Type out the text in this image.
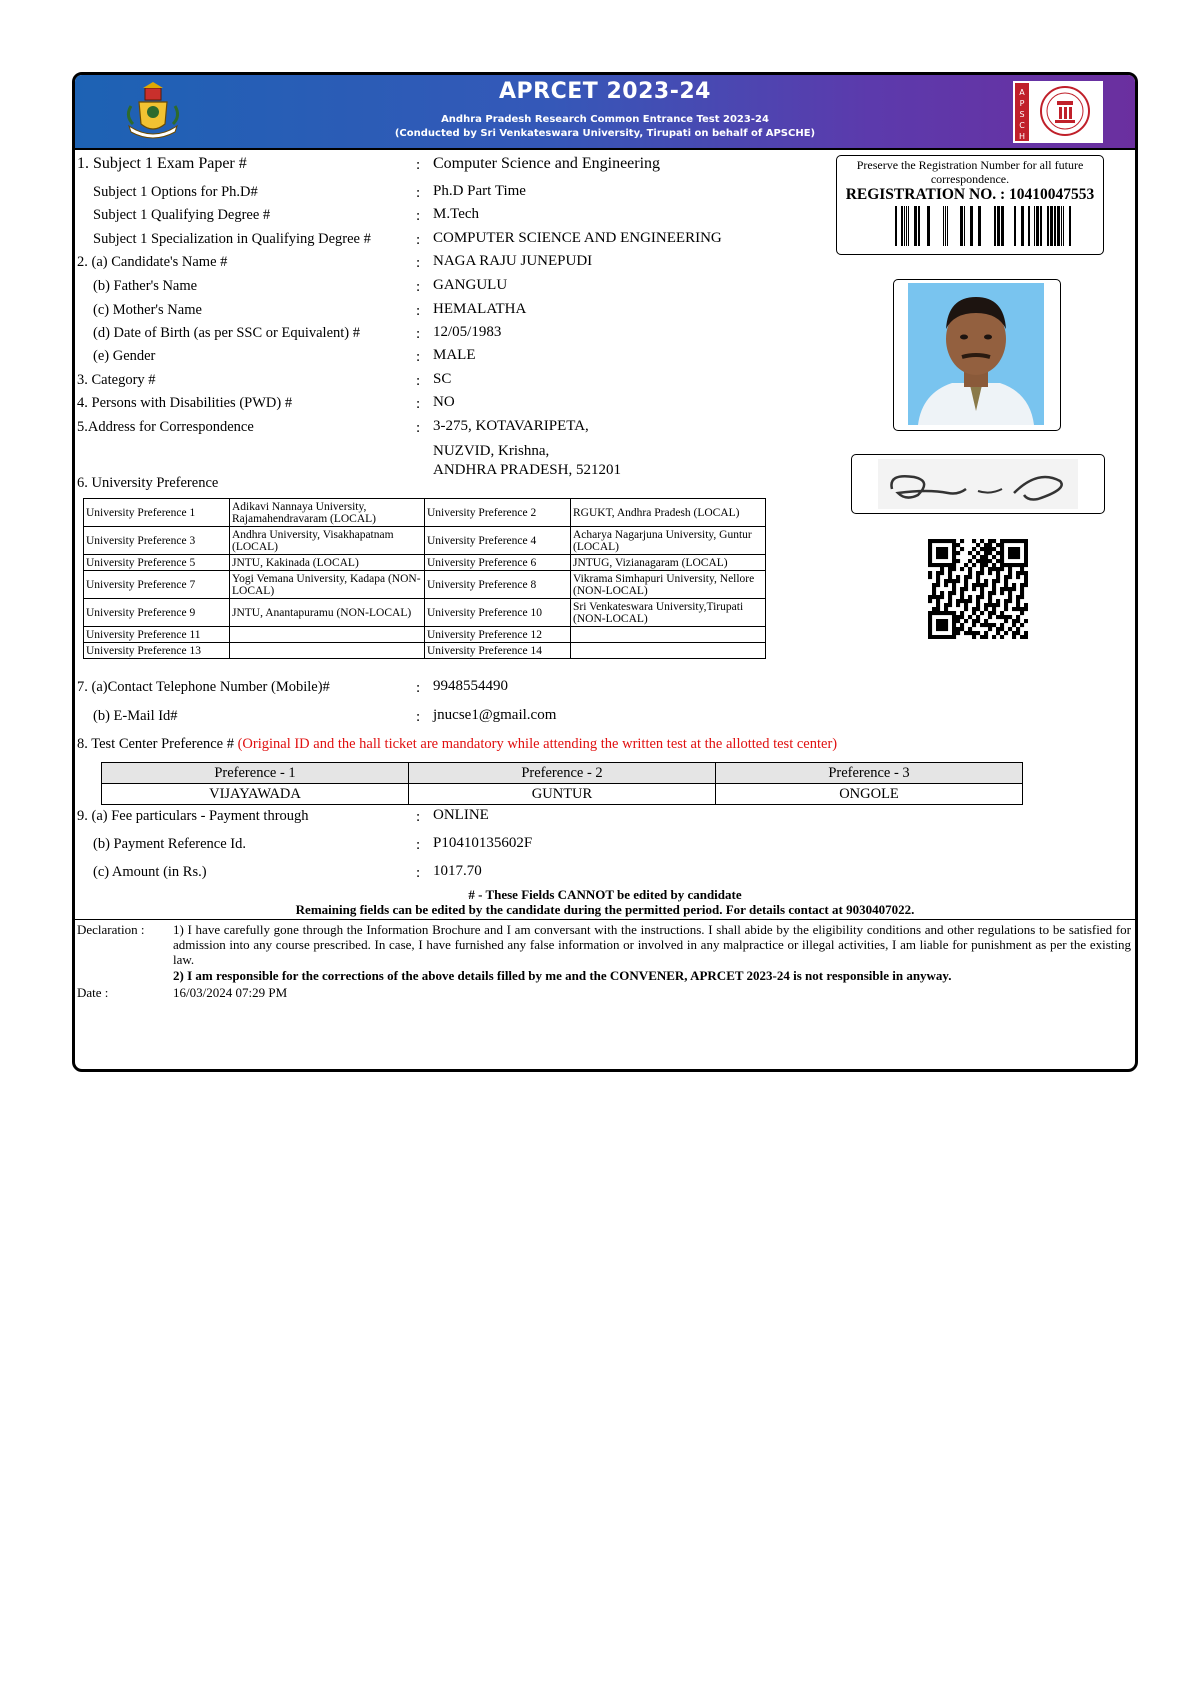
APRCET 2023-24
Andhra Pradesh Research Common Entrance Test 2023-24
(Conducted by Sri Venkateswara University, Tirupati on behalf of APSCHE)
A
P
S
C
H
Preserve the Registration Number for all future correspondence.
REGISTRATION NO. : 10410047553
1. Subject 1 Exam Paper #	: Computer Science and Engineering
Subject 1 Options for Ph.D#	: Ph.D Part Time
Subject 1 Qualifying Degree #	: M.Tech
Subject 1 Specialization in Qualifying Degree #	: COMPUTER SCIENCE AND ENGINEERING
2. (a) Candidate's Name #	: NAGA RAJU JUNEPUDI
(b) Father's Name	: GANGULU
(c) Mother's Name	: HEMALATHA
(d) Date of Birth (as per SSC or Equivalent) #	: 12/05/1983
(e) Gender	: MALE
3. Category #	: SC
4. Persons with Disabilities (PWD) #	: NO
5.Address for Correspondence	: 3-275, KOTAVARIPETA,
NUZVID, Krishna,
ANDHRA PRADESH, 521201
6. University Preference
University Preference 1	Adikavi Nannaya University, Rajamahendravaram (LOCAL)	University Preference 2	RGUKT, Andhra Pradesh (LOCAL)
University Preference 3	Andhra University, Visakhapatnam (LOCAL)	University Preference 4	Acharya Nagarjuna University, Guntur (LOCAL)
University Preference 5	JNTU, Kakinada (LOCAL)	University Preference 6	JNTUG, Vizianagaram (LOCAL)
University Preference 7	Yogi Vemana University, Kadapa (NON-LOCAL)	University Preference 8	Vikrama Simhapuri University, Nellore (NON-LOCAL)
University Preference 9	JNTU, Anantapuramu (NON-LOCAL)	University Preference 10	Sri Venkateswara University,Tirupati (NON-LOCAL)
University Preference 11		University Preference 12	
University Preference 13		University Preference 14	
7. (a)Contact Telephone Number (Mobile)#	: 9948554490
(b) E-Mail Id#	: jnucse1@gmail.com
8. Test Center Preference # (Original ID and the hall ticket are mandatory while attending the written test at the allotted test center)
Preference - 1	Preference - 2	Preference - 3
VIJAYAWADA	GUNTUR	ONGOLE
9. (a) Fee particulars - Payment through	: ONLINE
(b) Payment Reference Id.	: P10410135602F
(c) Amount (in Rs.)	: 1017.70
# - These Fields CANNOT be edited by candidate
Remaining fields can be edited by the candidate during the permitted period. For details contact at 9030407022.
Declaration : 1) I have carefully gone through the Information Brochure and I am conversant with the instructions. I shall abide by the eligibility conditions and other regulations to be satisfied for admission into any course prescribed. In case, I have furnished any false information or involved in any malpractice or illegal activities, I am liable for punishment as per the existing law.
2) I am responsible for the corrections of the above details filled by me and the CONVENER, APRCET 2023-24 is not responsible in anyway.
Date :	16/03/2024 07:29 PM
